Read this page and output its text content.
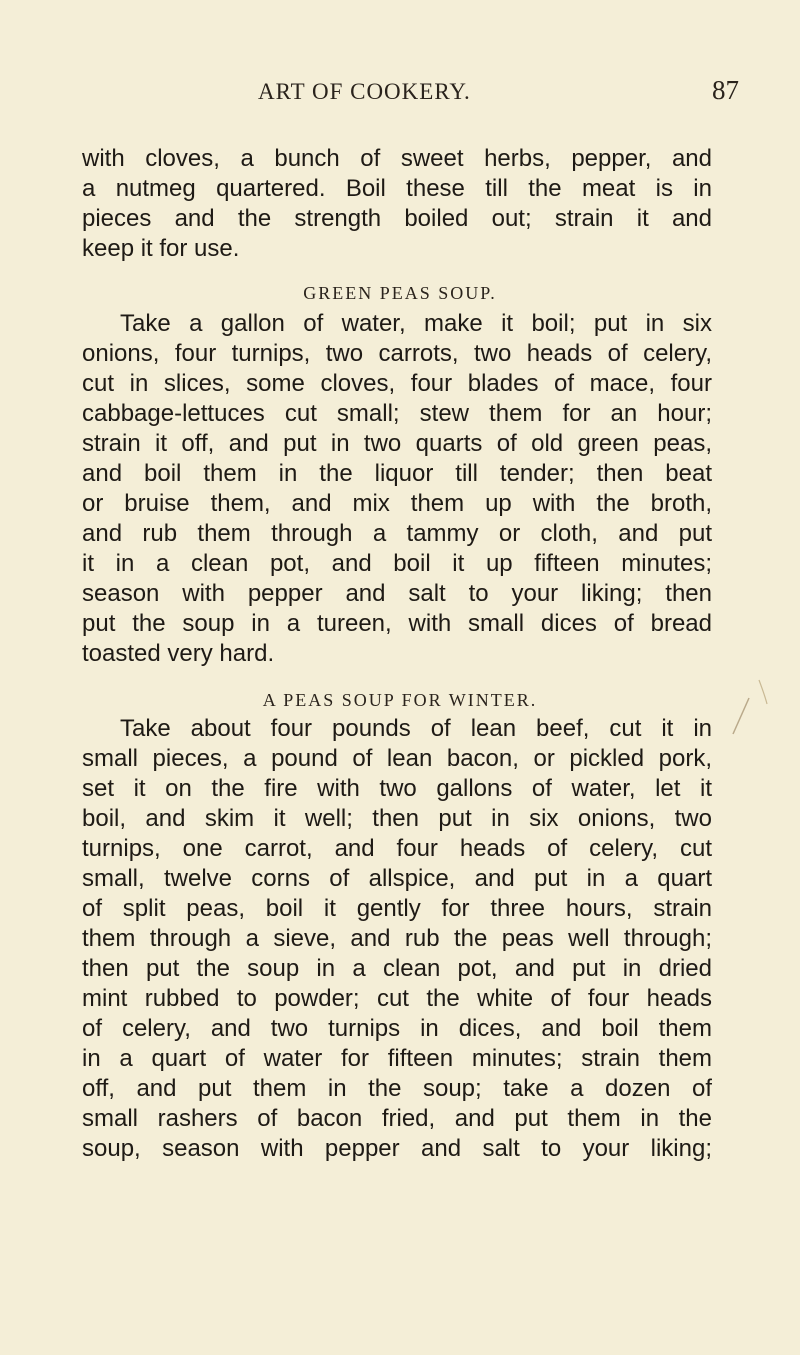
ART OF COOKERY.	87
with cloves, a bunch of sweet herbs, pepper, and
a nutmeg quartered. Boil these till the meat is in
pieces and the strength boiled out; strain it and
keep it for use.
GREEN PEAS SOUP.
Take a gallon of water, make it boil; put in six
onions, four turnips, two carrots, two heads of celery,
cut in slices, some cloves, four blades of mace, four
cabbage-lettuces cut small; stew them for an hour;
strain it off, and put in two quarts of old green peas,
and boil them in the liquor till tender; then beat
or bruise them, and mix them up with the broth,
and rub them through a tammy or cloth, and put
it in a clean pot, and boil it up fifteen minutes;
season with pepper and salt to your liking; then
put the soup in a tureen, with small dices of bread
toasted very hard.
A PEAS SOUP FOR WINTER.
Take about four pounds of lean beef, cut it in
small pieces, a pound of lean bacon, or pickled pork,
set it on the fire with two gallons of water, let it
boil, and skim it well; then put in six onions, two
turnips, one carrot, and four heads of celery, cut
small, twelve corns of allspice, and put in a quart
of split peas, boil it gently for three hours, strain
them through a sieve, and rub the peas well through;
then put the soup in a clean pot, and put in dried
mint rubbed to powder; cut the white of four heads
of celery, and two turnips in dices, and boil them
in a quart of water for fifteen minutes; strain them
off, and put them in the soup; take a dozen of
small rashers of bacon fried, and put them in the
soup, season with pepper and salt to your liking;
